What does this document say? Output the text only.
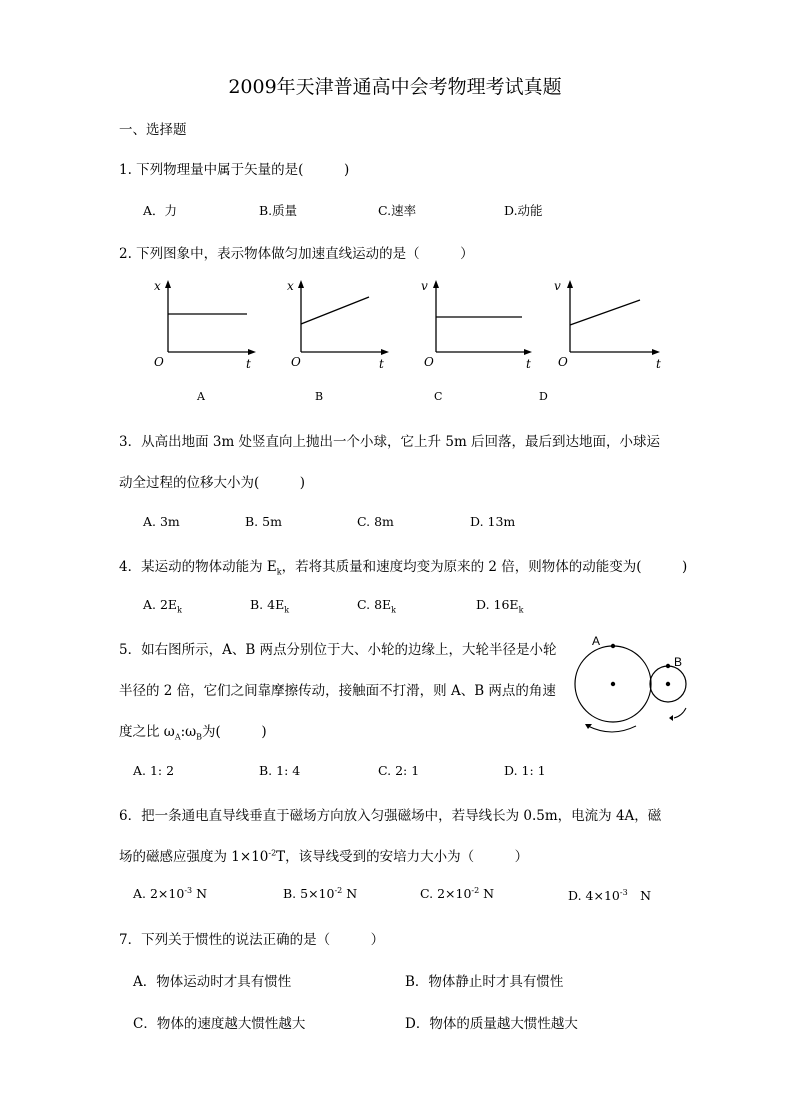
2009年天津普通高中会考物理考试真题
一、选择题
1. 下列物理量中属于矢量的是(　　　)
A．力	B.质量	C.速率	D.动能
2. 下列图象中，表示物体做匀加速直线运动的是（　　　）
x
t
O
x
t
O
v
t
O
v
t
O
A	B	C	D
3．从高出地面 3m 处竖直向上抛出一个小球，它上升 5m 后回落，最后到达地面，小球运
动全过程的位移大小为(　　　)
A. 3m	B. 5m	C. 8m	D. 13m
4．某运动的物体动能为 $E_k$，若将其质量和速度均变为原来的 2 倍，则物体的动能变为(　　　)
A. $2E_k$	B. $4E_k$	C. $8E_k$	D. $16E_k$
5．如右图所示，A、B 两点分别位于大、小轮的边缘上，大轮半径是小轮
半径的 2 倍，它们之间靠摩擦传动，接触面不打滑，则 A、B 两点的角速
度之比 $\omega_A:\omega_B$为(　　　)
A
B
A. 1: 2	B. 1: 4	C. 2: 1	D. 1: 1
6．把一条通电直导线垂直于磁场方向放入匀强磁场中，若导线长为 0.5m，电流为 4A，磁
场的磁感应强度为 $1\times 10^{-2}T$，该导线受到的安培力大小为（　　　）
A. $2\times 10^{-3}$ N	B. $5\times 10^{-2}$ N	C. $2\times 10^{-2}$ N	D. $4\times 10^{-3}$　N
7．下列关于惯性的说法正确的是（　　　）
A．物体运动时才具有惯性	B．物体静止时才具有惯性
C．物体的速度越大惯性越大	D．物体的质量越大惯性越大
